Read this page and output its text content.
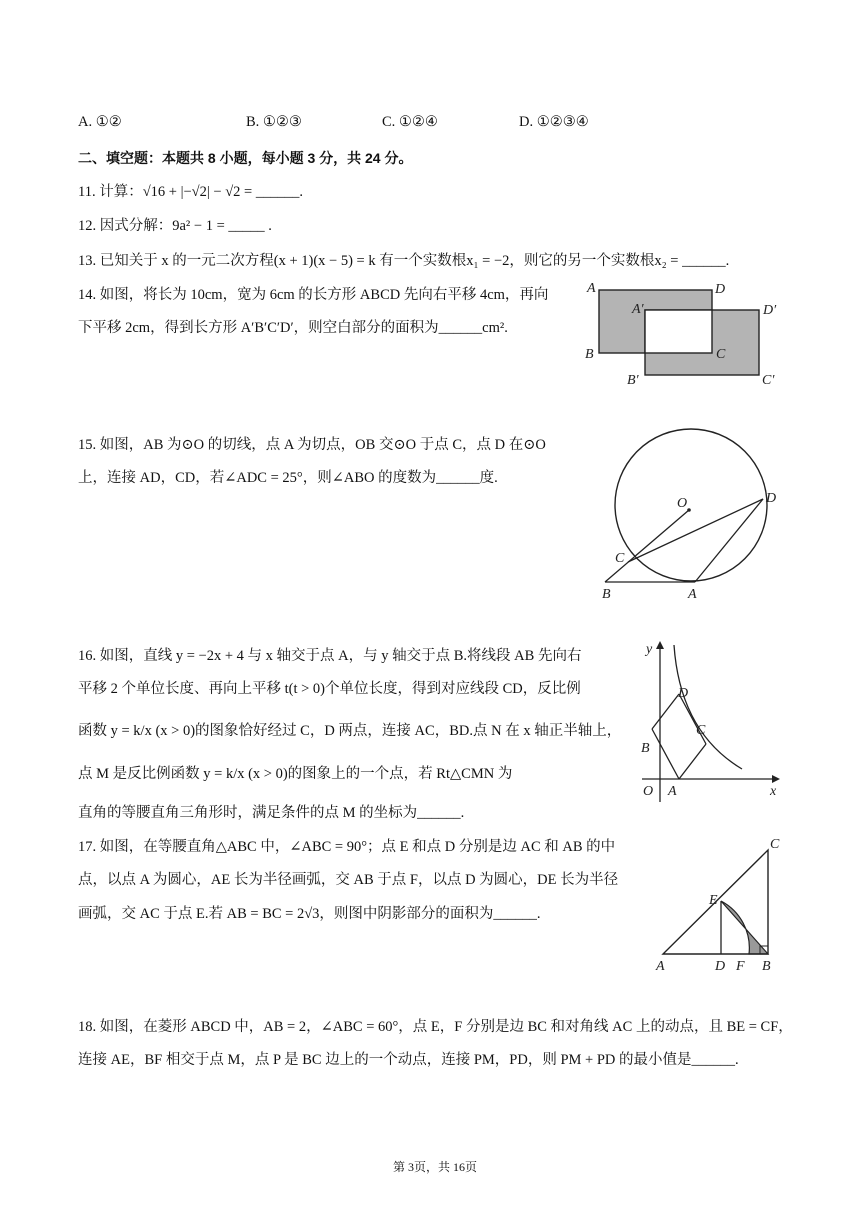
A. ①②	B. ①②③	C. ①②④	D. ①②③④
二、填空题：本题共 8 小题，每小题 3 分，共 24 分。
11. 计算：√16 + |−√2| − √2 = ______.
12. 因式分解：9a² − 1 = _____ .
13. 已知关于 x 的一元二次方程(x + 1)(x − 5) = k 有一个实数根x₁ = −2，则它的另一个实数根x₂ = ______.
14. 如图，将长为 10cm，宽为 6cm 的长方形 ABCD 先向右平移 4cm，再向
下平移 2cm，得到长方形 A′B′C′D′，则空白部分的面积为______cm².
A	D
A′	D′
B	C
B′	C′
15. 如图，AB 为⊙O 的切线，点 A 为切点，OB 交⊙O 于点 C，点 D 在⊙O
上，连接 AD，CD，若∠ADC = 25°，则∠ABO 的度数为______度.
O	D
C
B	A
16. 如图，直线 y = −2x + 4 与 x 轴交于点 A，与 y 轴交于点 B.将线段 AB 先向右
平移 2 个单位长度、再向上平移 t(t > 0)个单位长度，得到对应线段 CD，反比例
函数 y = k/x (x > 0)的图象恰好经过 C，D 两点，连接 AC，BD.点 N 在 x 轴正半轴上，
点 M 是反比例函数 y = k/x (x > 0)的图象上的一个点，若 Rt△CMN 为
直角的等腰直角三角形时，满足条件的点 M 的坐标为______.
y
x
O A
B
C
D
17. 如图，在等腰直角△ABC 中，∠ABC = 90°；点 E 和点 D 分别是边 AC 和 AB 的中
点，以点 A 为圆心，AE 长为半径画弧，交 AB 于点 F，以点 D 为圆心，DE 长为半径
画弧，交 AC 于点 E.若 AB = BC = 2√3，则图中阴影部分的面积为______.
A	D F B
C
E
18. 如图，在菱形 ABCD 中，AB = 2，∠ABC = 60°，点 E，F 分别是边 BC 和对角线 AC 上的动点，且 BE = CF，
连接 AE，BF 相交于点 M，点 P 是 BC 边上的一个动点，连接 PM，PD，则 PM + PD 的最小值是______.
第 3页，共 16页
